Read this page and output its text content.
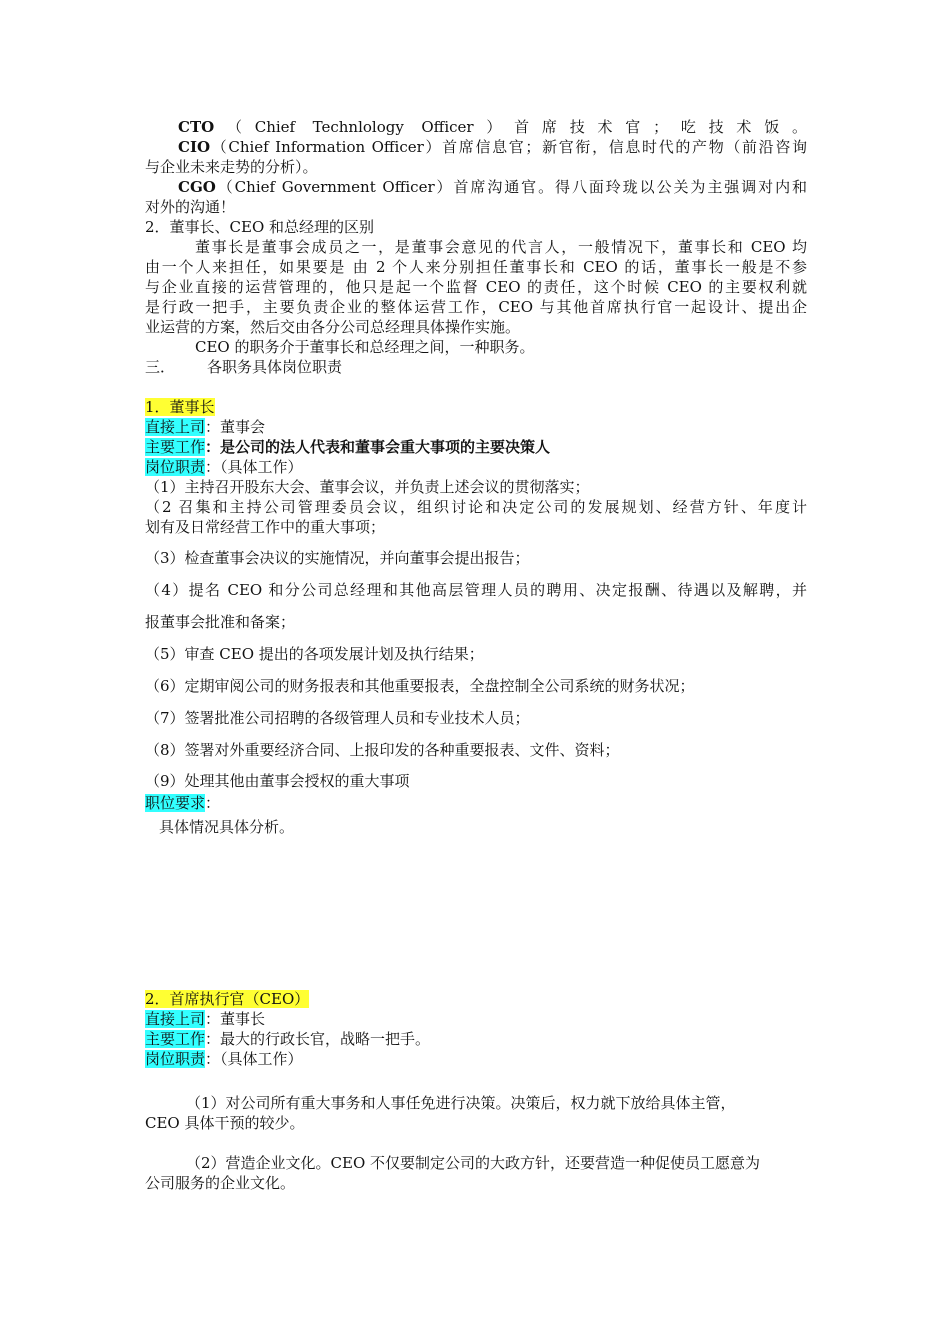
CTO（Chief Technlology Officer）首席技术官；吃技术饭。
CIO（Chief Information Officer）首席信息官；新官衔，信息时代的产物（前沿咨询
与企业未来走势的分析）。
CGO（Chief Government Officer）首席沟通官。得八面玲珑以公关为主强调对内和
对外的沟通！
2．董事长、CEO 和总经理的区别
董事长是董事会成员之一，是董事会意见的代言人，一般情况下，董事长和 CEO 均
由一个人来担任，如果要是 由 2 个人来分别担任董事长和 CEO 的话，董事长一般是不参
与企业直接的运营管理的，他只是起一个监督 CEO 的责任，这个时候 CEO 的主要权利就
是行政一把手，主要负责企业的整体运营工作，CEO 与其他首席执行官一起设计、提出企
业运营的方案，然后交由各分公司总经理具体操作实施。
CEO 的职务介于董事长和总经理之间，一种职务。
三． 各职务具体岗位职责
1．董事长
直接上司：董事会
主要工作：是公司的法人代表和董事会重大事项的主要决策人
岗位职责：（具体工作）
（1）主持召开股东大会、董事会议，并负责上述会议的贯彻落实；
（2 召集和主持公司管理委员会议，组织讨论和决定公司的发展规划、经营方针、年度计
划有及日常经营工作中的重大事项；
（3）检查董事会决议的实施情况，并向董事会提出报告；
（4）提名 CEO 和分公司总经理和其他高层管理人员的聘用、决定报酬、待遇以及解聘，并
报董事会批准和备案；
（5）审查 CEO 提出的各项发展计划及执行结果；
（6）定期审阅公司的财务报表和其他重要报表，全盘控制全公司系统的财务状况；
（7）签署批准公司招聘的各级管理人员和专业技术人员；
（8）签署对外重要经济合同、上报印发的各种重要报表、文件、资料；
（9）处理其他由董事会授权的重大事项
职位要求：
具体情况具体分析。
2．首席执行官（CEO）
直接上司：董事长
主要工作：最大的行政长官，战略一把手。
岗位职责：（具体工作）
（1）对公司所有重大事务和人事任免进行决策。决策后，权力就下放给具体主管，
CEO 具体干预的较少。
（2）营造企业文化。CEO 不仅要制定公司的大政方针，还要营造一种促使员工愿意为
公司服务的企业文化。
